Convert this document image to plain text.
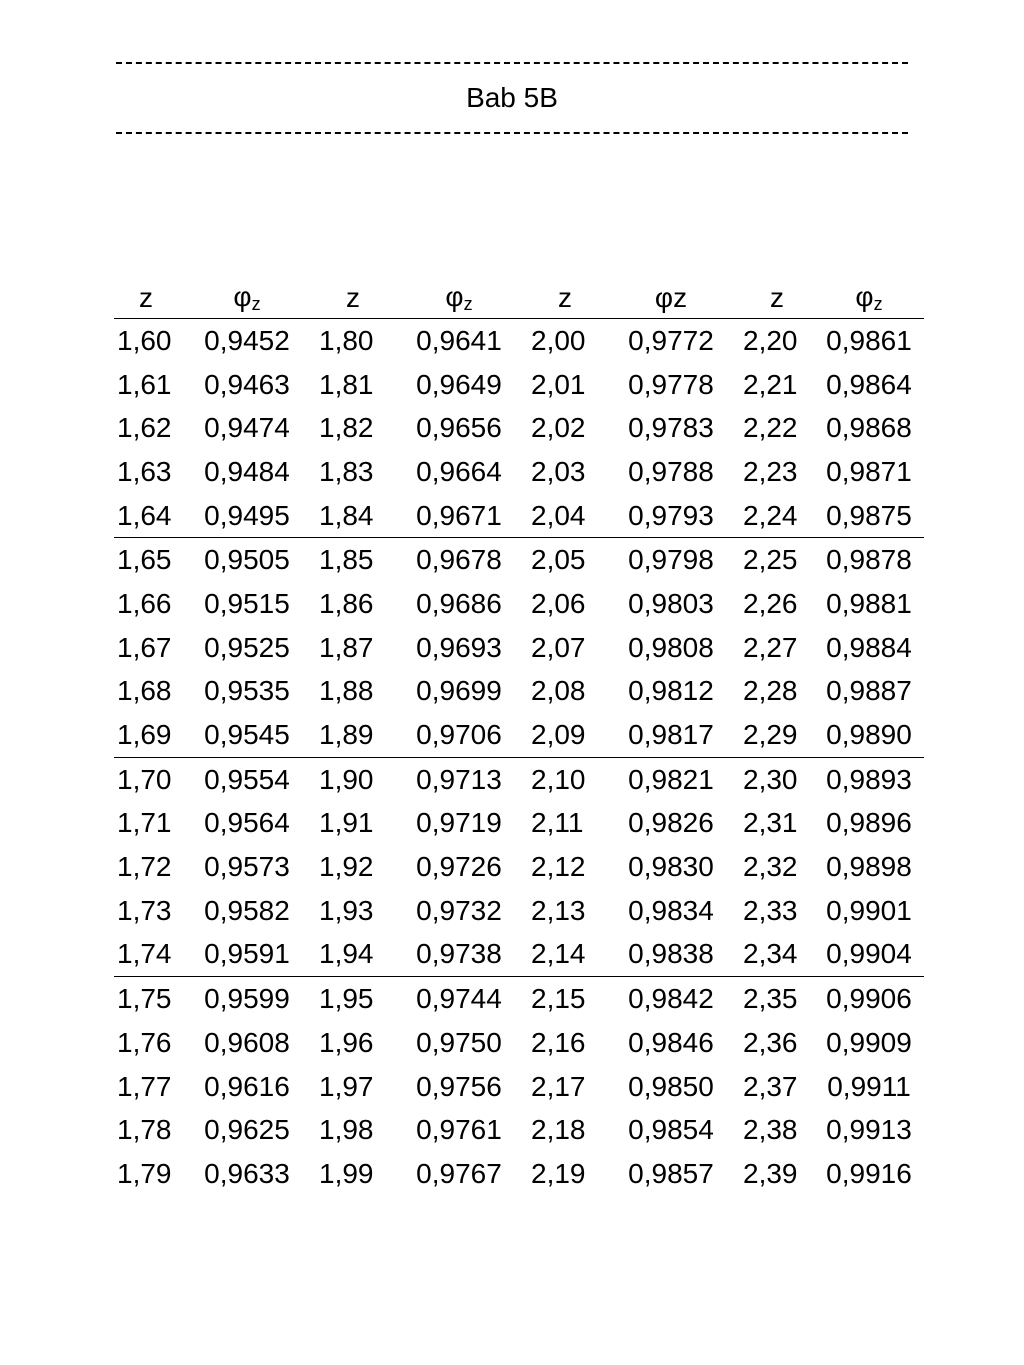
Bab 5B
z	$\varphi_z$	z	$\varphi_z$	z	φz	z	$\varphi_z$
1,60	0,9452	1,80	0,9641	2,00	0,9772	2,20	0,9861
1,61	0,9463	1,81	0,9649	2,01	0,9778	2,21	0,9864
1,62	0,9474	1,82	0,9656	2,02	0,9783	2,22	0,9868
1,63	0,9484	1,83	0,9664	2,03	0,9788	2,23	0,9871
1,64	0,9495	1,84	0,9671	2,04	0,9793	2,24	0,9875
1,65	0,9505	1,85	0,9678	2,05	0,9798	2,25	0,9878
1,66	0,9515	1,86	0,9686	2,06	0,9803	2,26	0,9881
1,67	0,9525	1,87	0,9693	2,07	0,9808	2,27	0,9884
1,68	0,9535	1,88	0,9699	2,08	0,9812	2,28	0,9887
1,69	0,9545	1,89	0,9706	2,09	0,9817	2,29	0,9890
1,70	0,9554	1,90	0,9713	2,10	0,9821	2,30	0,9893
1,71	0,9564	1,91	0,9719	2,11	0,9826	2,31	0,9896
1,72	0,9573	1,92	0,9726	2,12	0,9830	2,32	0,9898
1,73	0,9582	1,93	0,9732	2,13	0,9834	2,33	0,9901
1,74	0,9591	1,94	0,9738	2,14	0,9838	2,34	0,9904
1,75	0,9599	1,95	0,9744	2,15	0,9842	2,35	0,9906
1,76	0,9608	1,96	0,9750	2,16	0,9846	2,36	0,9909
1,77	0,9616	1,97	0,9756	2,17	0,9850	2,37	0,9911
1,78	0,9625	1,98	0,9761	2,18	0,9854	2,38	0,9913
1,79	0,9633	1,99	0,9767	2,19	0,9857	2,39	0,9916
